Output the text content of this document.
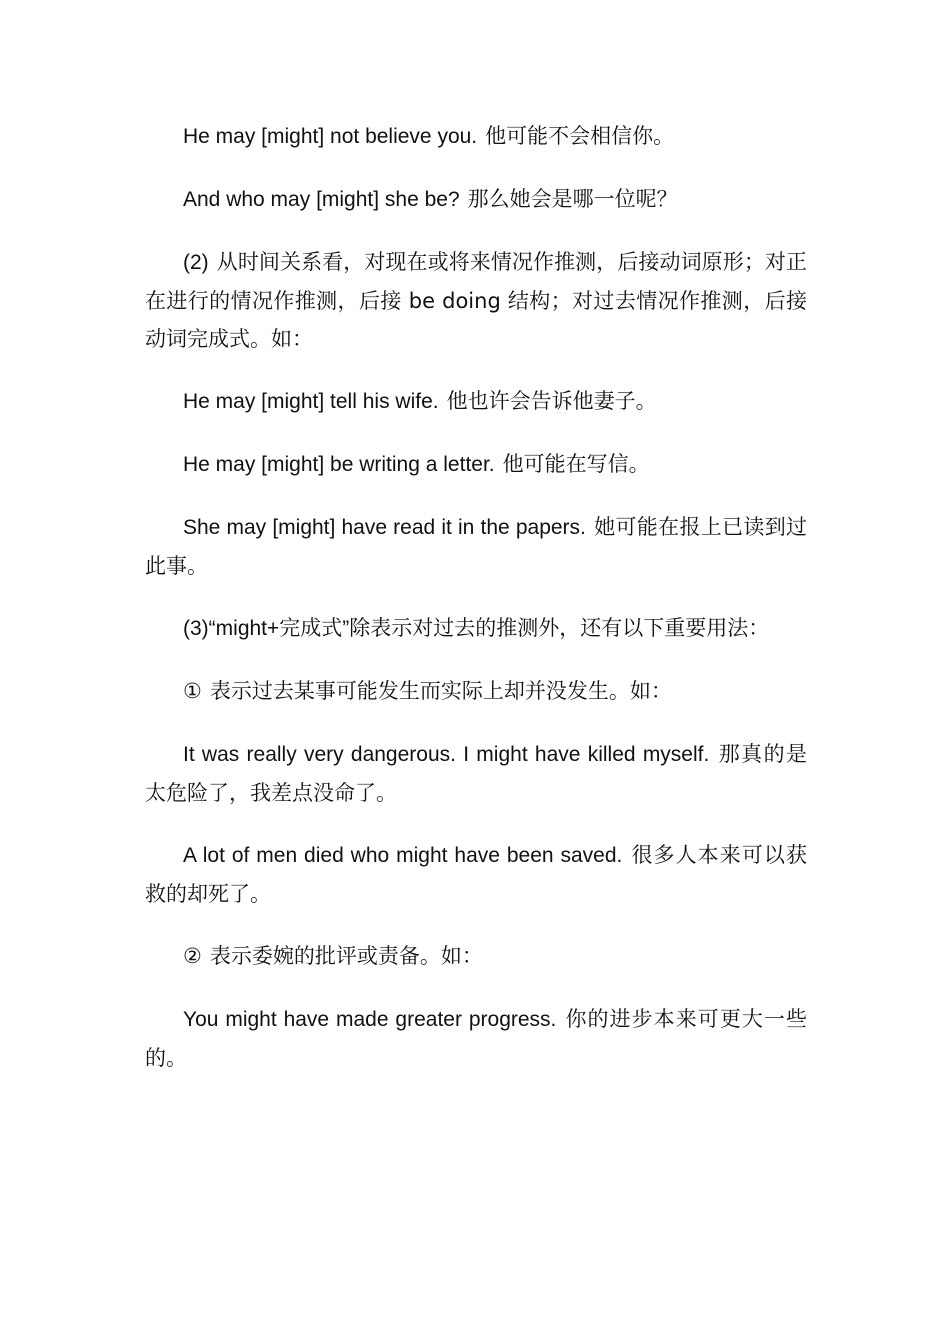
He may [might] not believe you. 他可能不会相信你。

And who may [might] she be? 那么她会是哪一位呢？

(2) 从时间关系看，对现在或将来情况作推测，后接动词原形；对正在进行的情况作推测，后接 be doing 结构；对过去情况作推测，后接动词完成式。如：

He may [might] tell his wife. 他也许会告诉他妻子。

He may [might] be writing a letter. 他可能在写信。

She may [might] have read it in the papers. 她可能在报上已读到过此事。

(3)“might+完成式”除表示对过去的推测外，还有以下重要用法：

① 表示过去某事可能发生而实际上却并没发生。如：

It was really very dangerous. I might have killed myself. 那真的是太危险了，我差点没命了。

A lot of men died who might have been saved. 很多人本来可以获救的却死了。

② 表示委婉的批评或责备。如：

You might have made greater progress. 你的进步本来可更大一些的。
